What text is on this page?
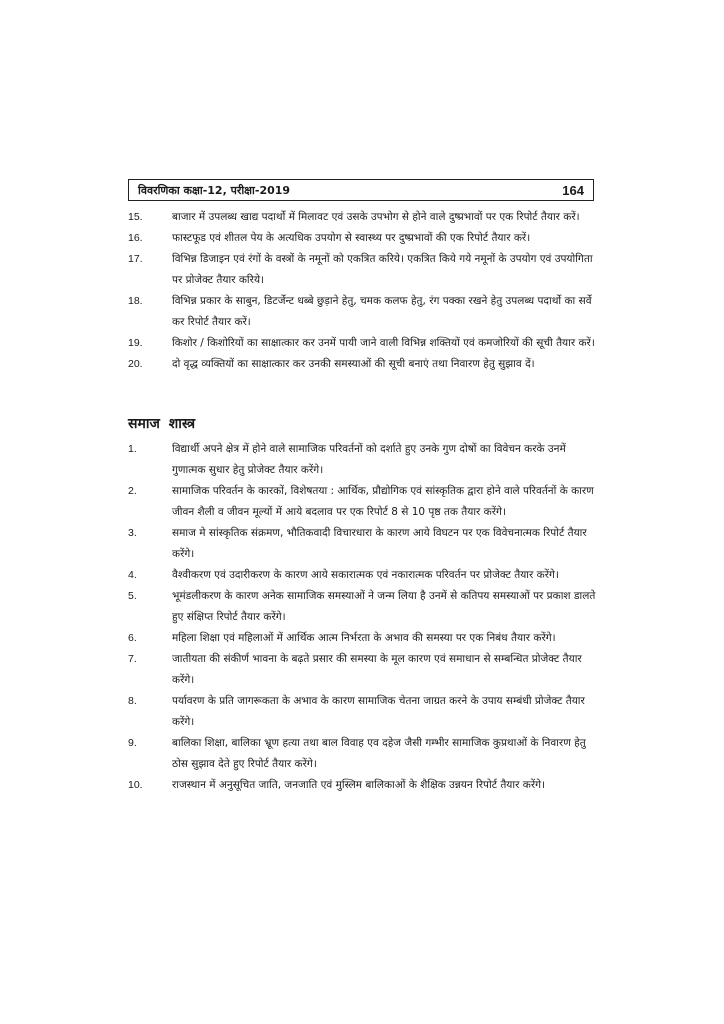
विवरणिका कक्षा-12, परीक्षा-2019	164
15.	बाजार में उपलब्ध खाद्य पदार्थो में मिलावट एवं उसके उपभोग से होने वाले दुष्प्रभावों पर एक रिपोर्ट तैयार करें।
16.	फास्टफूड एवं शीतल पेय के अत्यधिक उपयोग से स्वास्थ्य पर दुष्प्रभावों की एक रिपोर्ट तैयार करें।
17.	विभिन्न डिजाइन एवं रंगों के वस्त्रों के नमूनों को एकत्रित करिये। एकत्रित किये गये नमूनों के उपयोग एवं उपयोगिता पर प्रोजेक्ट तैयार करिये।
18.	विभिन्न प्रकार के साबुन, डिटर्जेन्ट धब्बे छुड़ाने हेतु, चमक कलफ हेतु, रंग पक्का रखने हेतु उपलब्ध पदार्थो का सर्वे कर रिपोर्ट तैयार करें।
19.	किशोर / किशोरियों का साक्षात्कार कर उनमें पायी जाने वाली विभिन्न शक्तियों एवं कमजोरियों की सूची तैयार करें।
20.	दो वृद्ध व्यक्तियों का साक्षात्कार कर उनकी समस्याओं की सूची बनाएं तथा निवारण हेतु सुझाव दें।
समाज शास्त्र
1.	विद्यार्थी अपने क्षेत्र में होने वाले सामाजिक परिवर्तनों को दर्शाते हुए उनके गुण दोषों का विवेचन करके उनमें गुणात्मक सुधार हेतु प्रोजेक्ट तैयार करेंगे।
2.	सामाजिक परिवर्तन के कारकों, विशेषतया : आर्थिक, प्रौद्योगिक एवं सांस्कृतिक द्वारा होने वाले परिवर्तनों के कारण जीवन शैली व जीवन मूल्यों में आये बदलाव पर एक रिपोर्ट 8 से 10 पृष्ठ तक तैयार करेंगे।
3.	समाज मे सांस्कृतिक संक्रमण, भौतिकवादी विचारधारा के कारण आये विघटन पर एक विवेचनात्मक रिपोर्ट तैयार करेंगे।
4.	वैश्वीकरण एवं उदारीकरण के कारण आये सकारात्मक एवं नकारात्मक परिवर्तन पर प्रोजेक्ट तैयार करेंगे।
5.	भूमंडलीकरण के कारण अनेक सामाजिक समस्याओं ने जन्म लिया है उनमें से कतिपय समस्याओं पर प्रकाश डालते हुए संक्षिप्त रिपोर्ट तैयार करेंगे।
6.	महिला शिक्षा एवं महिलाओं में आर्थिक आत्म निर्भरता के अभाव की समस्या पर एक निबंध तैयार करेंगे।
7.	जातीयता की संकीर्ण भावना के बढ़ते प्रसार की समस्या के मूल कारण एवं समाधान से सम्बन्धित प्रोजेक्ट तैयार करेंगे।
8.	पर्यावरण के प्रति जागरूकता के अभाव के कारण सामाजिक चेतना जाग्रत करने के उपाय सम्बंधी प्रोजेक्ट तैयार करेंगे।
9.	बालिका शिक्षा, बालिका भ्रूण हत्या तथा बाल विवाह एव दहेज जैसी गम्भीर सामाजिक कुप्रथाओं के निवारण हेतु ठोस सुझाव देते हुए रिपोर्ट तैयार करेंगे।
10.	राजस्थान में अनुसूचित जाति, जनजाति एवं मुस्लिम बालिकाओं के शैक्षिक उन्नयन रिपोर्ट तैयार करेंगे।
